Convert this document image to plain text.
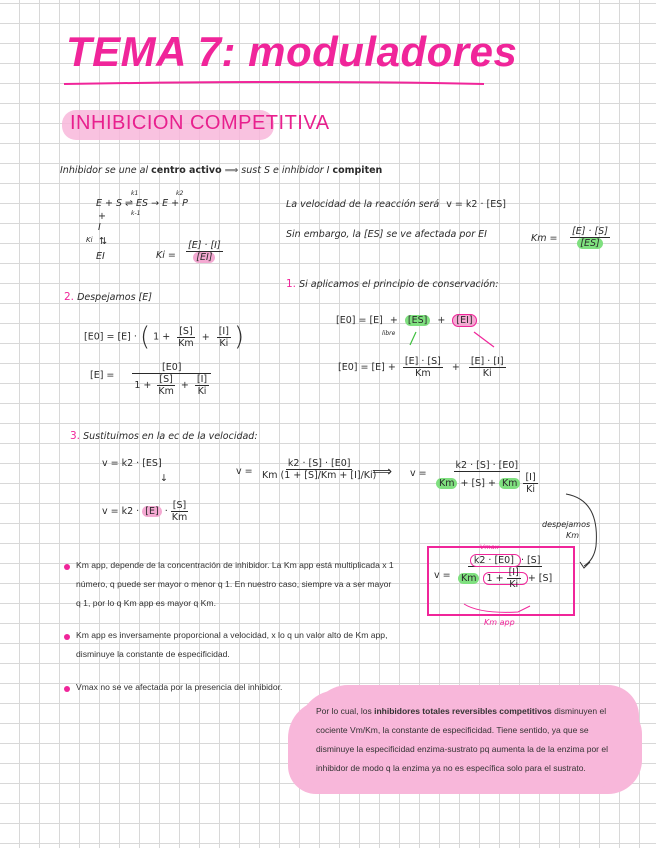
TEMA 7: moduladores
INHIBICION COMPETITIVA
Inhibidor se une al centro activo ⟹ sust S e inhibidor I compiten
E + S ⇌ ES → E + P
k1
k-1
k2
+
I
Ki ⇅
EI	$Ki = \frac{[E] \cdot [I]}{[EI]}$
La velocidad de la reacción será v = k2 · [ES]
Sin embargo, la [ES] se ve afectada por EI	$Km = \frac{[E] \cdot [S]}{[ES]}$
1. Si aplicamos el principio de conservación:
[E0] = [E] + [ES] + [EI]
libre
$[E0] = [E] + \frac{[E] \cdot [S]}{Km} + \frac{[E] \cdot [I]}{Ki}$
2. Despejamos [E]
[E0] = [E] · ( $1 + \frac{[S]}{Km} + \frac{[I]}{Ki}$ )
[E] =
[E0]
$1 + \frac{[S]}{Km} + \frac{[I]}{Ki}$
3. Sustituimos en la ec de la velocidad:
v = k2 · [ES]
↓
$v = k2 \cdot [E] \cdot \frac{[S]}{Km}$
$v = \frac{k2 \cdot [S] \cdot [E0]}{Km (1 + [S]/Km + [I]/Ki)}$
⟹ $v = \frac{k2 \cdot [S] \cdot [E0]}{Km + [S] + Km \frac{[I]}{Ki}}$
despejamos
Km
Vmax
v =
k2 · [E0] · [S]
Km $1 + \frac{[I]}{Ki} + [S]$
Km app
Km app, depende de la concentración de inhibidor. La Km app está multiplicada x 1 número, q puede ser mayor o menor q 1. En nuestro caso, siempre va a ser mayor q 1, por lo q Km app es mayor q Km.
Km app es inversamente proporcional a velocidad, x lo q un valor alto de Km app, disminuye la constante de especificidad.
Vmax no se ve afectada por la presencia del inhibidor.
Por lo cual, los inhibidores totales reversibles competitivos disminuyen el cociente Vm/Km, la constante de especificidad. Tiene sentido, ya que se disminuye la especificidad enzima-sustrato pq aumenta la de la enzima por el inhibidor de modo q la enzima ya no es específica solo para el sustrato.
